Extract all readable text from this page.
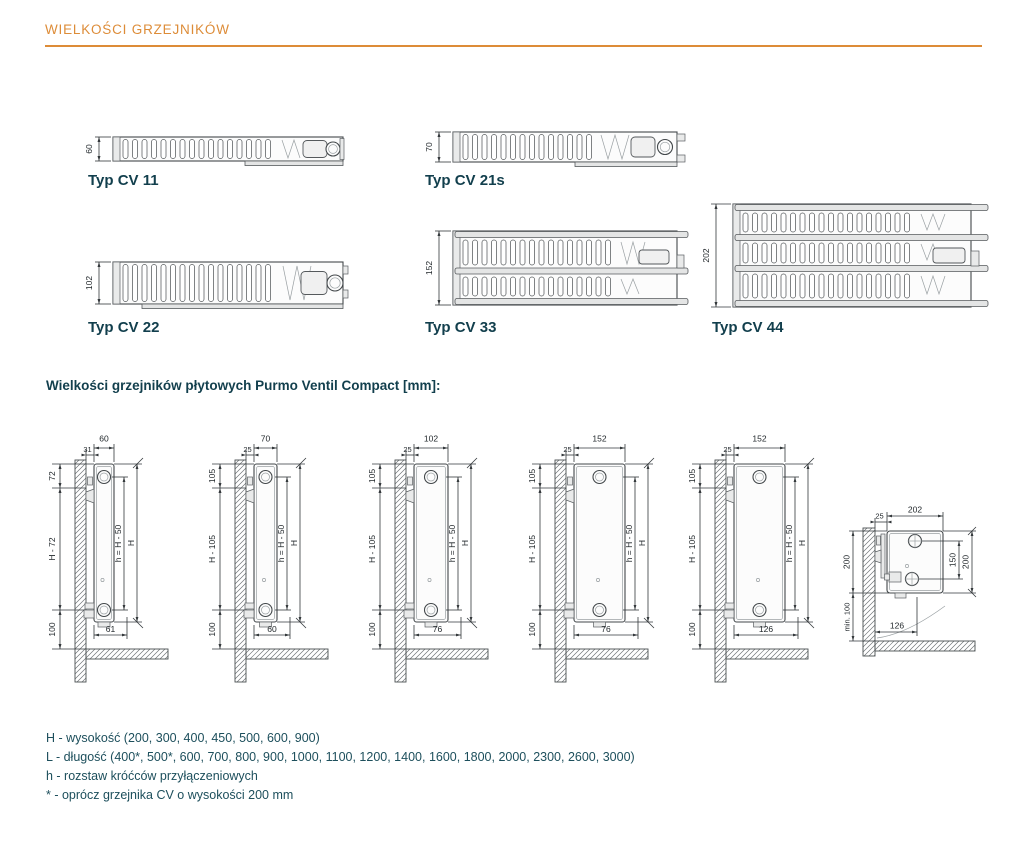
WIELKOŚCI GRZEJNIKÓW
60
Typ CV 11
70
Typ CV 21s
102
Typ CV 22
152
Typ CV 33
202
Typ CV 44
Wielkości grzejników płytowych Purmo Ventil Compact [mm]:
202
25
200
min. 100
150 200
126
H - wysokość (200, 300, 400, 450, 500, 600, 900)
L - długość (400*, 500*, 600, 700, 800, 900, 1000, 1100, 1200, 1400, 1600, 1800, 2000, 2300, 2600, 3000)
h - rozstaw króćców przyłączeniowych
* - oprócz grzejnika CV o wysokości 200 mm
60
31
72
H - 72
100
h = H - 50 H
61
70
25
105
H - 105
100
h = H - 50 H
60
102
25
105
H - 105
100
h = H - 50 H
76
152
25
105
H - 105
100
h = H - 50 H
76
152
25
105
H - 105
100
h = H - 50 H
126
